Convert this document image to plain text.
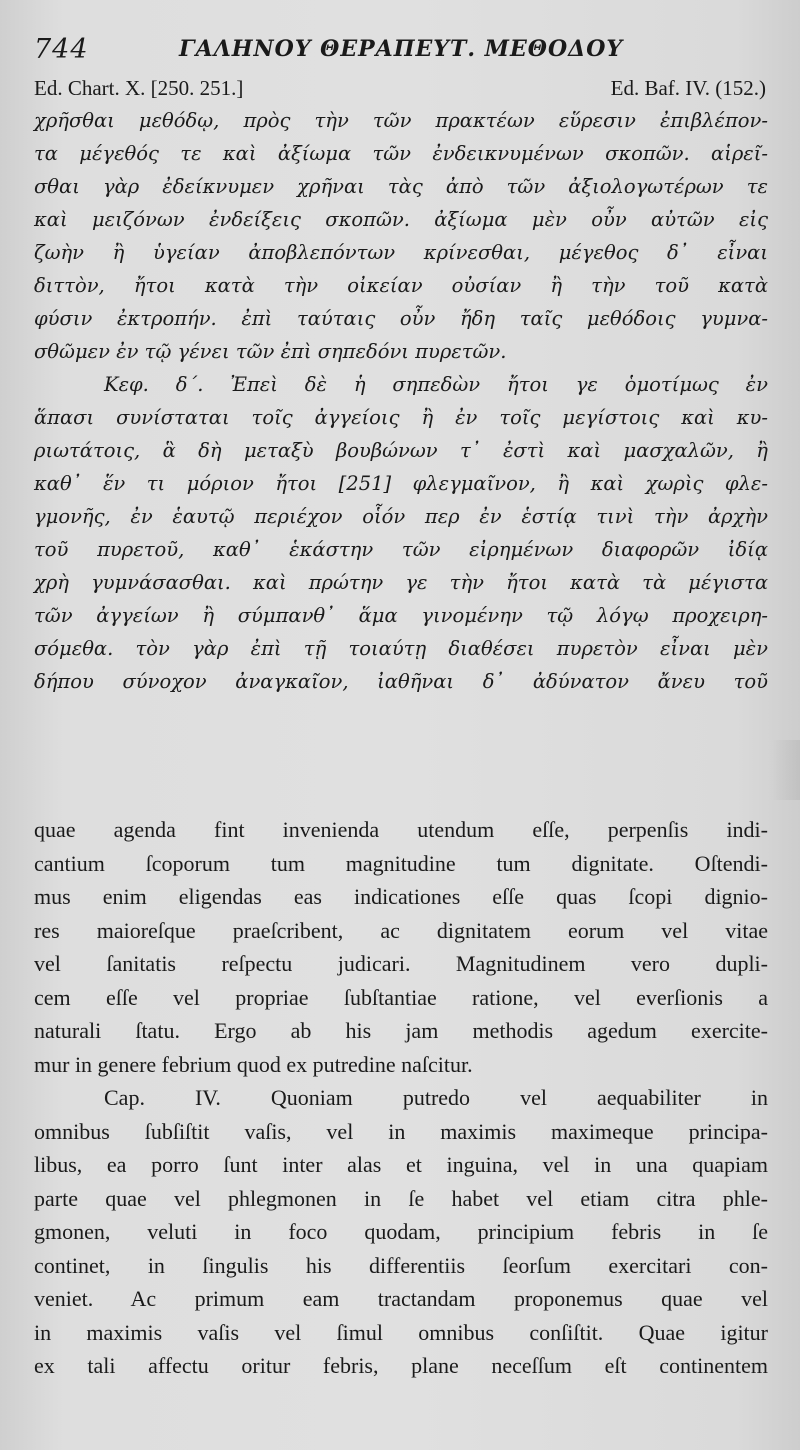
744	ΓΑΛΗΝΟΥ ΘΕΡΑΠΕΥΤ. ΜΕΘΟΔΟΥ
Ed. Chart. X. [250. 251.]	Ed. Baf. IV. (152.)
χρῆσθαι μεθόδῳ, πρὸς τὴν τῶν πρακτέων εὕρεσιν ἐπιβλέπον-
τα μέγεθός τε καὶ ἀξίωμα τῶν ἐνδεικνυμένων σκοπῶν. αἱρεῖ-
σθαι γὰρ ἐδείκνυμεν χρῆναι τὰς ἀπὸ τῶν ἀξιολογωτέρων τε
καὶ μειζόνων ἐνδείξεις σκοπῶν. ἀξίωμα μὲν οὖν αὐτῶν εἰς
ζωὴν ἢ ὑγείαν ἀποβλεπόντων κρίνεσθαι, μέγεθος δ᾽ εἶναι
διττὸν, ἤτοι κατὰ τὴν οἰκείαν οὐσίαν ἢ τὴν τοῦ κατὰ
φύσιν ἐκτροπήν. ἐπὶ ταύταις οὖν ἤδη ταῖς μεθόδοις γυμνα-
σθῶμεν ἐν τῷ γένει τῶν ἐπὶ σηπεδόνι πυρετῶν.
Κεφ. δ΄. Ἐπεὶ δὲ ἡ σηπεδὼν ἤτοι γε ὁμοτίμως ἐν
ἅπασι συνίσταται τοῖς ἀγγείοις ἢ ἐν τοῖς μεγίστοις καὶ κυ-
ριωτάτοις, ἃ δὴ μεταξὺ βουβώνων τ᾽ ἐστὶ καὶ μασχαλῶν, ἢ
καθ᾽ ἕν τι μόριον ἤτοι [251] φλεγμαῖνον, ἢ καὶ χωρὶς φλε-
γμονῆς, ἐν ἑαυτῷ περιέχον οἷόν περ ἐν ἑστίᾳ τινὶ τὴν ἀρχὴν
τοῦ πυρετοῦ, καθ᾽ ἑκάστην τῶν εἰρημένων διαφορῶν ἰδίᾳ
χρὴ γυμνάσασθαι. καὶ πρώτην γε τὴν ἤτοι κατὰ τὰ μέγιστα
τῶν ἀγγείων ἢ σύμπανθ᾽ ἅμα γινομένην τῷ λόγῳ προχειρη-
σόμεθα. τὸν γὰρ ἐπὶ τῇ τοιαύτῃ διαθέσει πυρετὸν εἶναι μὲν
δήπου σύνοχον ἀναγκαῖον, ἰαθῆναι δ᾽ ἀδύνατον ἄνευ τοῦ
quae agenda fint invenienda utendum eſſe, perpenſis indi-
cantium ſcoporum tum magnitudine tum dignitate. Oſtendi-
mus enim eligendas eas indicationes eſſe quas ſcopi dignio-
res maioreſque praeſcribent, ac dignitatem eorum vel vitae
vel ſanitatis reſpectu judicari. Magnitudinem vero dupli-
cem eſſe vel propriae ſubſtantiae ratione, vel everſionis a
naturali ſtatu. Ergo ab his jam methodis agedum exercite-
mur in genere febrium quod ex putredine naſcitur.
Cap. IV. Quoniam putredo vel aequabiliter in
omnibus ſubſiſtit vaſis, vel in maximis maximeque principa-
libus, ea porro ſunt inter alas et inguina, vel in una quapiam
parte quae vel phlegmonen in ſe habet vel etiam citra phle-
gmonen, veluti in foco quodam, principium febris in ſe
continet, in ſingulis his differentiis ſeorſum exercitari con-
veniet. Ac primum eam tractandam proponemus quae vel
in maximis vaſis vel ſimul omnibus conſiſtit. Quae igitur
ex tali affectu oritur febris, plane neceſſum eſt continentem
